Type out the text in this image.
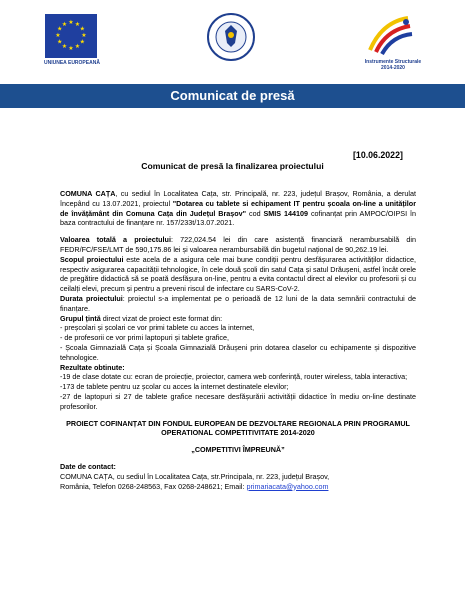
★ ★
★
★
★
★
★
★
★
★
★
★
UNIUNEA EUROPEANĂ	Instrumente Structurale
2014-2020
Comunicat de presă
[10.06.2022]
Comunicat de presă la finalizarea proiectului

COMUNA CAȚA, cu sediul în Localitatea Cața, str. Principală, nr. 223, județul Brașov, România, a derulat începând cu 13.07.2021, proiectul "Dotarea cu tablete si echipament IT pentru școala on-line a unităților de învățământ din Comuna Cața din Județul Brașov" cod SMIS 144109 cofinanțat prin AMPOC/OIPSI în baza contractului de finanțare nr. 157/233t/13.07.2021.

Valoarea totală a proiectului: 722,024.54 lei din care asistență financiară nerambursabilă din FEDR/FC/FSE/LMT de 590,175.86 lei și valoarea nerambursabilă din bugetul național de 90,262.19 lei.

Scopul proiectului este acela de a asigura cele mai bune condiții pentru desfășurarea activităților didactice, respectiv asigurarea capacității tehnologice, în cele două școli din satul Cața și satul Drăușeni, astfel încât orele de pregătire didactică să se poată desfășura on-line, pentru a evita contactul direct al elevilor cu profesorii și cu ceilalți elevi, precum și pentru a preveni riscul de infectare cu SARS-CoV-2.

Durata proiectului: proiectul s-a implementat pe o perioadă de 12 luni de la data semnării contractului de finanțare.

Grupul țintă direct vizat de proiect este format din:

- preșcolari și școlari ce vor primi tablete cu acces la internet,

- de profesorii ce vor primi laptopuri și tablete grafice,

- Școala Gimnazială Cața și Școala Gimnazială Drăușeni prin dotarea claselor cu echipamente și dispozitive tehnologice.

Rezultate obtinute:

-19 de clase dotate cu: ecran de proiecție, proiector, camera web conferință, router wireless, tabla interactiva;

-173 de tablete pentru uz școlar cu acces la internet destinatele elevilor;

-27 de laptopuri si 27 de tablete grafice necesare desfășurării activității didactice în mediu on-line destinate profesorilor.

PROIECT COFINANȚAT DIN FONDUL EUROPEAN DE DEZVOLTARE REGIONALA PRIN PROGRAMUL OPERATIONAL COMPETITIVITATE 2014-2020

„COMPETITIVI ÎMPREUNĂ”

Date de contact:

COMUNA CAȚA, cu sediul în Localitatea Cața, str.Principala, nr. 223, județul Brașov,

România, Telefon 0268-248563, Fax 0268-248621; Email: primariacata@yahoo.com
